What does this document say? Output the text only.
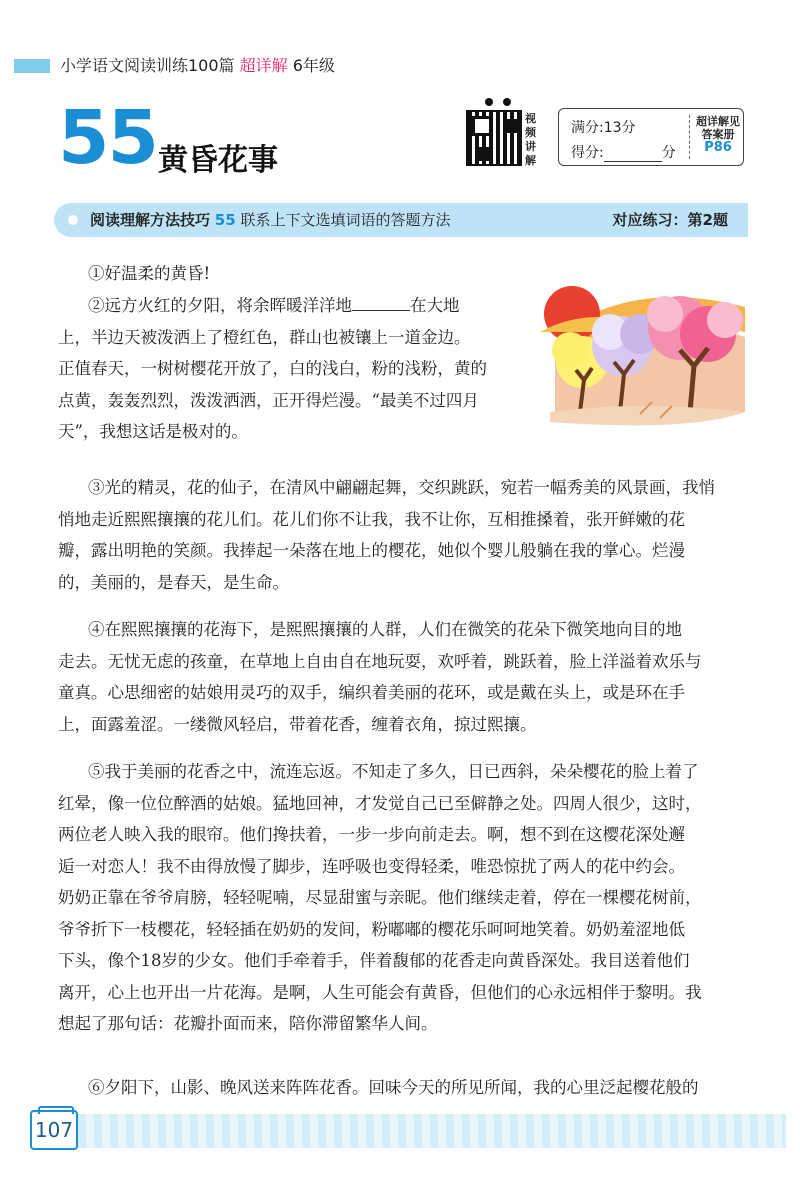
小学语文阅读训练100篇 超详解 6年级
55 黄昏花事
视频讲解
满分:13分
得分:	分
超详解见
答案册
P86
阅读理解方法技巧 55 联系上下文选填词语的答题方法	对应练习：第2题
①好温柔的黄昏!
②远方火红的夕阳，将余晖暖洋洋地	在大地
上，半边天被泼洒上了橙红色，群山也被镶上一道金边。
正值春天，一树树樱花开放了，白的浅白，粉的浅粉，黄的
点黄，轰轰烈烈，泼泼洒洒，正开得烂漫。“最美不过四月
天”，我想这话是极对的。
③光的精灵，花的仙子，在清风中翩翩起舞，交织跳跃，宛若一幅秀美的风景画，我悄
悄地走近熙熙攘攘的花儿们。花儿们你不让我，我不让你，互相推搡着，张开鲜嫩的花
瓣，露出明艳的笑颜。我捧起一朵落在地上的樱花，她似个婴儿般躺在我的掌心。烂漫
的，美丽的，是春天，是生命。
④在熙熙攘攘的花海下，是熙熙攘攘的人群，人们在微笑的花朵下微笑地向目的地
走去。无忧无虑的孩童，在草地上自由自在地玩耍，欢呼着，跳跃着，脸上洋溢着欢乐与
童真。心思细密的姑娘用灵巧的双手，编织着美丽的花环，或是戴在头上，或是环在手
上，面露羞涩。一缕微风轻启，带着花香，缠着衣角，掠过熙攘。
⑤我于美丽的花香之中，流连忘返。不知走了多久，日已西斜，朵朵樱花的脸上着了
红晕，像一位位醉酒的姑娘。猛地回神，才发觉自己已至僻静之处。四周人很少，这时，
两位老人映入我的眼帘。他们搀扶着，一步一步向前走去。啊，想不到在这樱花深处邂
逅一对恋人！我不由得放慢了脚步，连呼吸也变得轻柔，唯恐惊扰了两人的花中约会。
奶奶正靠在爷爷肩膀，轻轻呢喃，尽显甜蜜与亲昵。他们继续走着，停在一棵樱花树前，
爷爷折下一枝樱花，轻轻插在奶奶的发间，粉嘟嘟的樱花乐呵呵地笑着。奶奶羞涩地低
下头，像个18岁的少女。他们手牵着手，伴着馥郁的花香走向黄昏深处。我目送着他们
离开，心上也开出一片花海。是啊，人生可能会有黄昏，但他们的心永远相伴于黎明。我
想起了那句话：花瓣扑面而来，陪你滞留繁华人间。
⑥夕阳下，山影、晚风送来阵阵花香。回味今天的所见所闻，我的心里泛起樱花般的
107
